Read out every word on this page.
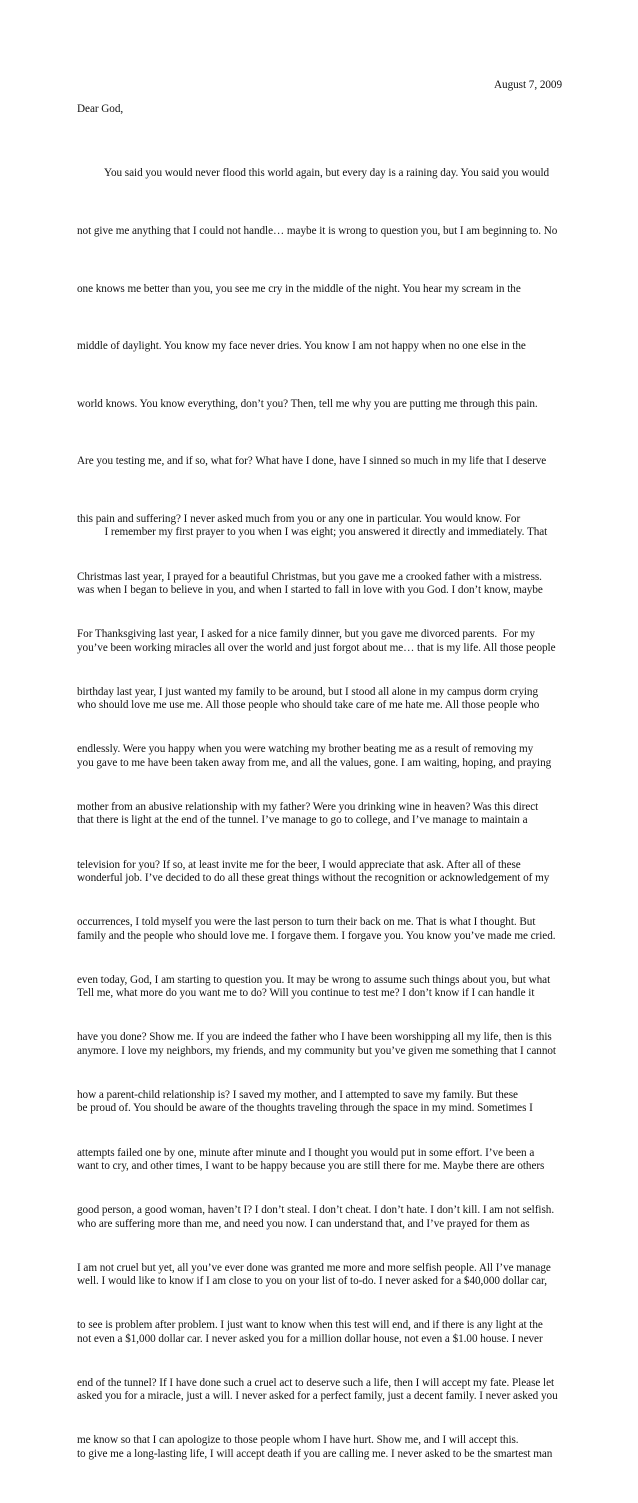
August 7, 2009
Dear God,

You said you would never flood this world again, but every day is a raining day. You said you would

not give me anything that I could not handle… maybe it is wrong to question you, but I am beginning to. No

one knows me better than you, you see me cry in the middle of the night. You hear my scream in the

middle of daylight. You know my face never dries. You know I am not happy when no one else in the

world knows. You know everything, don’t you? Then, tell me why you are putting me through this pain.

Are you testing me, and if so, what for? What have I done, have I sinned so much in my life that I deserve

this pain and suffering? I never asked much from you or any one in particular. You would know. For

Christmas last year, I prayed for a beautiful Christmas, but you gave me a crooked father with a mistress.

For Thanksgiving last year, I asked for a nice family dinner, but you gave me divorced parents.  For my

birthday last year, I just wanted my family to be around, but I stood all alone in my campus dorm crying

endlessly. Were you happy when you were watching my brother beating me as a result of removing my

mother from an abusive relationship with my father? Were you drinking wine in heaven? Was this direct

television for you? If so, at least invite me for the beer, I would appreciate that ask. After all of these

occurrences, I told myself you were the last person to turn their back on me. That is what I thought. But

even today, God, I am starting to question you. It may be wrong to assume such things about you, but what

have you done? Show me. If you are indeed the father who I have been worshipping all my life, then is this

how a parent-child relationship is? I saved my mother, and I attempted to save my family. But these

attempts failed one by one, minute after minute and I thought you would put in some effort. I’ve been a

good person, a good woman, haven’t I? I don’t steal. I don’t cheat. I don’t hate. I don’t kill. I am not selfish.

I am not cruel but yet, all you’ve ever done was granted me more and more selfish people. All I’ve manage

to see is problem after problem. I just want to know when this test will end, and if there is any light at the

end of the tunnel? If I have done such a cruel act to deserve such a life, then I will accept my fate. Please let

me know so that I can apologize to those people whom I have hurt. Show me, and I will accept this.

I remember my first prayer to you when I was eight; you answered it directly and immediately. That

was when I began to believe in you, and when I started to fall in love with you God. I don’t know, maybe

you’ve been working miracles all over the world and just forgot about me… that is my life. All those people

who should love me use me. All those people who should take care of me hate me. All those people who

you gave to me have been taken away from me, and all the values, gone. I am waiting, hoping, and praying

that there is light at the end of the tunnel. I’ve manage to go to college, and I’ve manage to maintain a

wonderful job. I’ve decided to do all these great things without the recognition or acknowledgement of my

family and the people who should love me. I forgave them. I forgave you. You know you’ve made me cried.

Tell me, what more do you want me to do? Will you continue to test me? I don’t know if I can handle it

anymore. I love my neighbors, my friends, and my community but you’ve given me something that I cannot

be proud of. You should be aware of the thoughts traveling through the space in my mind. Sometimes I

want to cry, and other times, I want to be happy because you are still there for me. Maybe there are others

who are suffering more than me, and need you now. I can understand that, and I’ve prayed for them as

well. I would like to know if I am close to you on your list of to-do. I never asked for a $40,000 dollar car,

not even a $1,000 dollar car. I never asked you for a million dollar house, not even a $1.00 house. I never

asked you for a miracle, just a will. I never asked for a perfect family, just a decent family. I never asked you

to give me a long-lasting life, I will accept death if you are calling me. I never asked to be the smartest man
